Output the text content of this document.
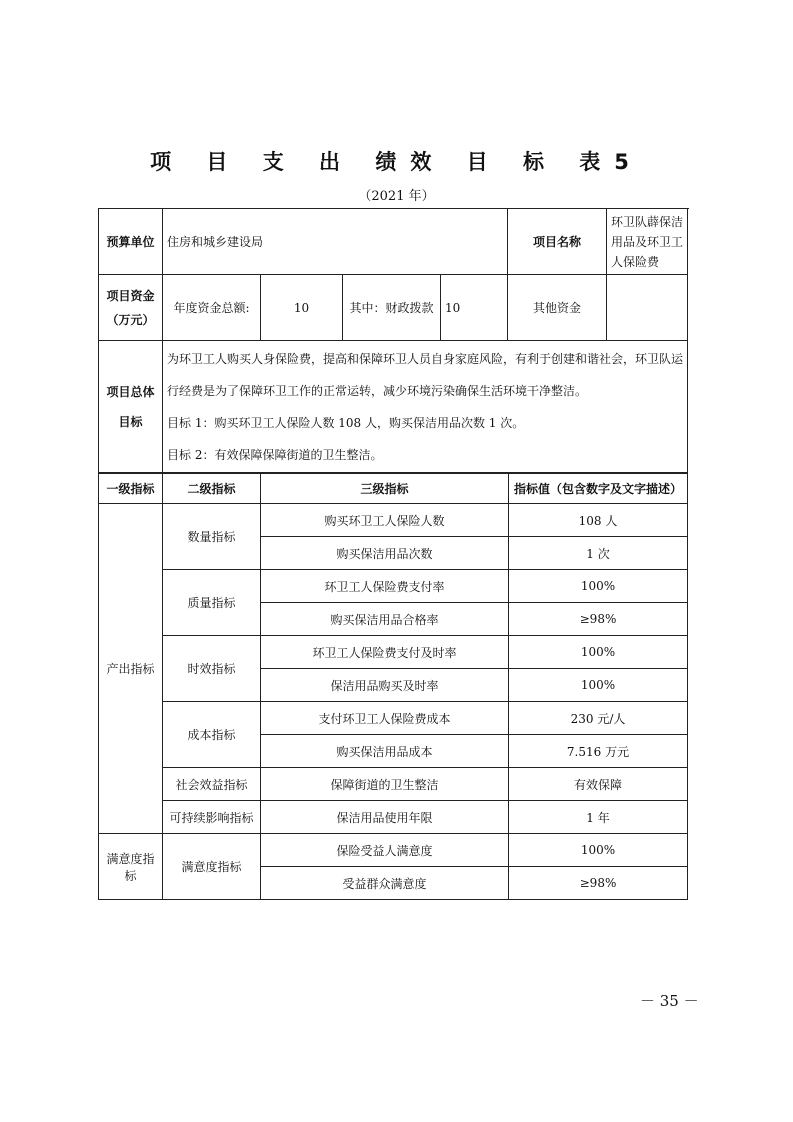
项 目 支 出 绩效 目 标 表5
（2021 年）
预算单位	住房和城乡建设局				项目名称	环卫队薜保洁用品及环卫工人保险费
项目资金（万元）	年度资金总额:	10	其中：财政拨款	10	其他资金	
项目总体目标	为环卫工人购买人身保险费，提高和保障环卫人员自身家庭风险，有利于创建和谐社会，环卫队运行经费是为了保障环卫工作的正常运转，减少环境污染确保生活环境干净整洁。

目标 1：购买环卫工人保险人数 108 人，购买保洁用品次数 1 次。

目标 2：有效保障保障街道的卫生整洁。					

一级指标	二级指标	三级指标	指标值（包含数字及文字描述）
产出指标	数量指标	购买环卫工人保险人数	108 人
		购买保洁用品次数	1 次
	质量指标	环卫工人保险费支付率	100%
		购买保洁用品合格率	≥98%
	时效指标	环卫工人保险费支付及时率	100%
		保洁用品购买及时率	100%
	成本指标	支付环卫工人保险费成本	230 元/人
		购买保洁用品成本	7.516 万元
	社会效益指标	保障街道的卫生整洁	有效保障
	可持续影响指标	保洁用品使用年限	1 年
满意度指标	满意度指标	保险受益人满意度	100%
		受益群众满意度	≥98%
－ 35 －
